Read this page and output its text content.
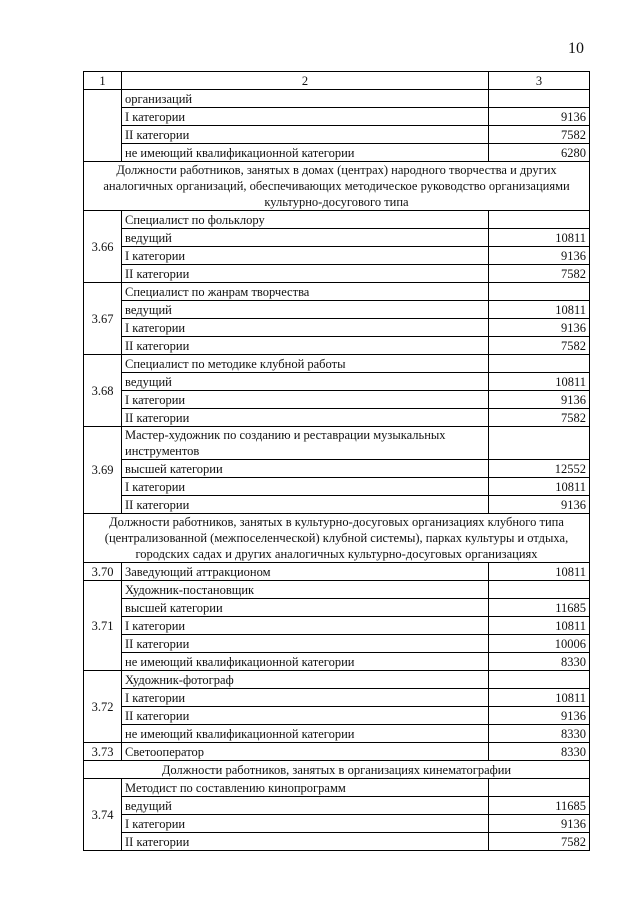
10
1	2	3
	организаций	
	I категории	9136
	II категории	7582
	не имеющий квалификационной категории	6280
Должности работников, занятых в домах (центрах) народного творчества и других аналогичных организаций, обеспечивающих методическое руководство организациями культурно-досугового типа		
3.66	Специалист по фольклору	
	ведущий	10811
	I категории	9136
	II категории	7582
3.67	Специалист по жанрам творчества	
	ведущий	10811
	I категории	9136
	II категории	7582
3.68	Специалист по методике клубной работы	
	ведущий	10811
	I категории	9136
	II категории	7582
3.69	Мастер-художник по созданию и реставрации музыкальных инструментов	
	высшей категории	12552
	I категории	10811
	II категории	9136
Должности работников, занятых в культурно-досуговых организациях клубного типа (централизованной (межпоселенческой) клубной системы), парках культуры и отдыха, городских садах и других аналогичных культурно-досуговых организациях		
3.70	Заведующий аттракционом	10811
3.71	Художник-постановщик	
	высшей категории	11685
	I категории	10811
	II категории	10006
	не имеющий квалификационной категории	8330
3.72	Художник-фотограф	
	I категории	10811
	II категории	9136
	не имеющий квалификационной категории	8330
3.73	Светооператор	8330
Должности работников, занятых в организациях кинематографии		
3.74	Методист по составлению кинопрограмм	
	ведущий	11685
	I категории	9136
	II категории	7582
